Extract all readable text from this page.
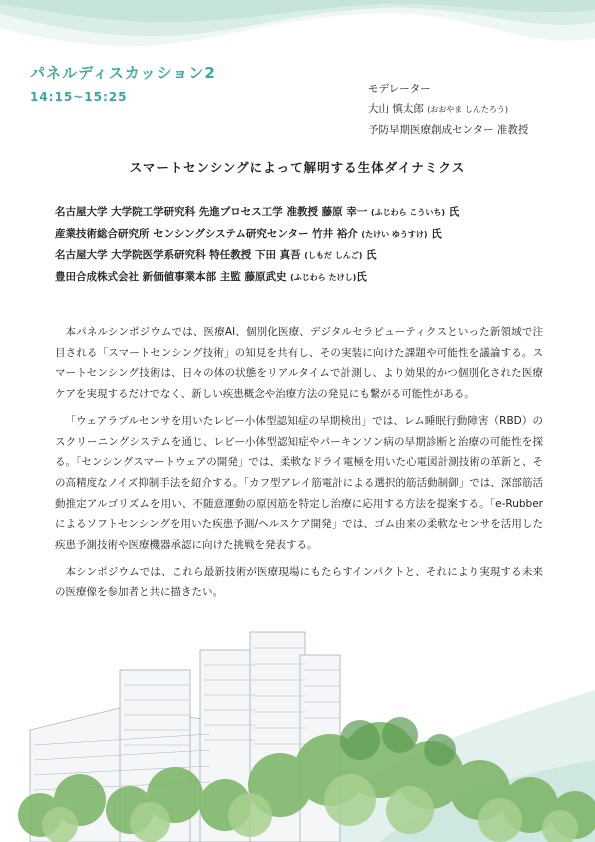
パネルディスカッション2
14:15~15:25
モデレーター
大山 慎太郎 (おおやま しんたろう)
予防早期医療創成センター 准教授
スマートセンシングによって解明する生体ダイナミクス
名古屋大学 大学院工学研究科 先進プロセス工学 准教授 藤原 幸一 (ふじわら こういち) 氏
産業技術総合研究所 センシングシステム研究センター 竹井 裕介 (たけい ゆうすけ) 氏
名古屋大学 大学院医学系研究科 特任教授 下田 真吾 (しもだ しんご) 氏
豊田合成株式会社 新価値事業本部 主監 藤原武史 (ふじわら たけし)氏

本パネルシンポジウムでは、医療AI、個別化医療、デジタルセラピューティクスといった新領域で注目される「スマートセンシング技術」の知見を共有し、その実装に向けた課題や可能性を議論する。スマートセンシング技術は、日々の体の状態をリアルタイムで計測し、より効果的かつ個別化された医療ケアを実現するだけでなく、新しい疾患概念や治療方法の発見にも繋がる可能性がある。

「ウェアラブルセンサを用いたレビー小体型認知症の早期検出」では、レム睡眠行動障害（RBD）のスクリーニングシステムを通じ、レビー小体型認知症やパーキンソン病の早期診断と治療の可能性を探る。「センシングスマートウェアの開発」では、柔軟なドライ電極を用いた心電図計測技術の革新と、その高精度なノイズ抑制手法を紹介する。「カフ型アレイ筋電計による選択的筋活動制御」では、深部筋活動推定アルゴリズムを用い、不随意運動の原因筋を特定し治療に応用する方法を提案する。「e-Rubberによるソフトセンシングを用いた疾患予測/ヘルスケア開発」では、ゴム由来の柔軟なセンサを活用した疾患予測技術や医療機器承認に向けた挑戦を発表する。

本シンポジウムでは、これら最新技術が医療現場にもたらすインパクトと、それにより実現する未来の医療像を参加者と共に描きたい。
